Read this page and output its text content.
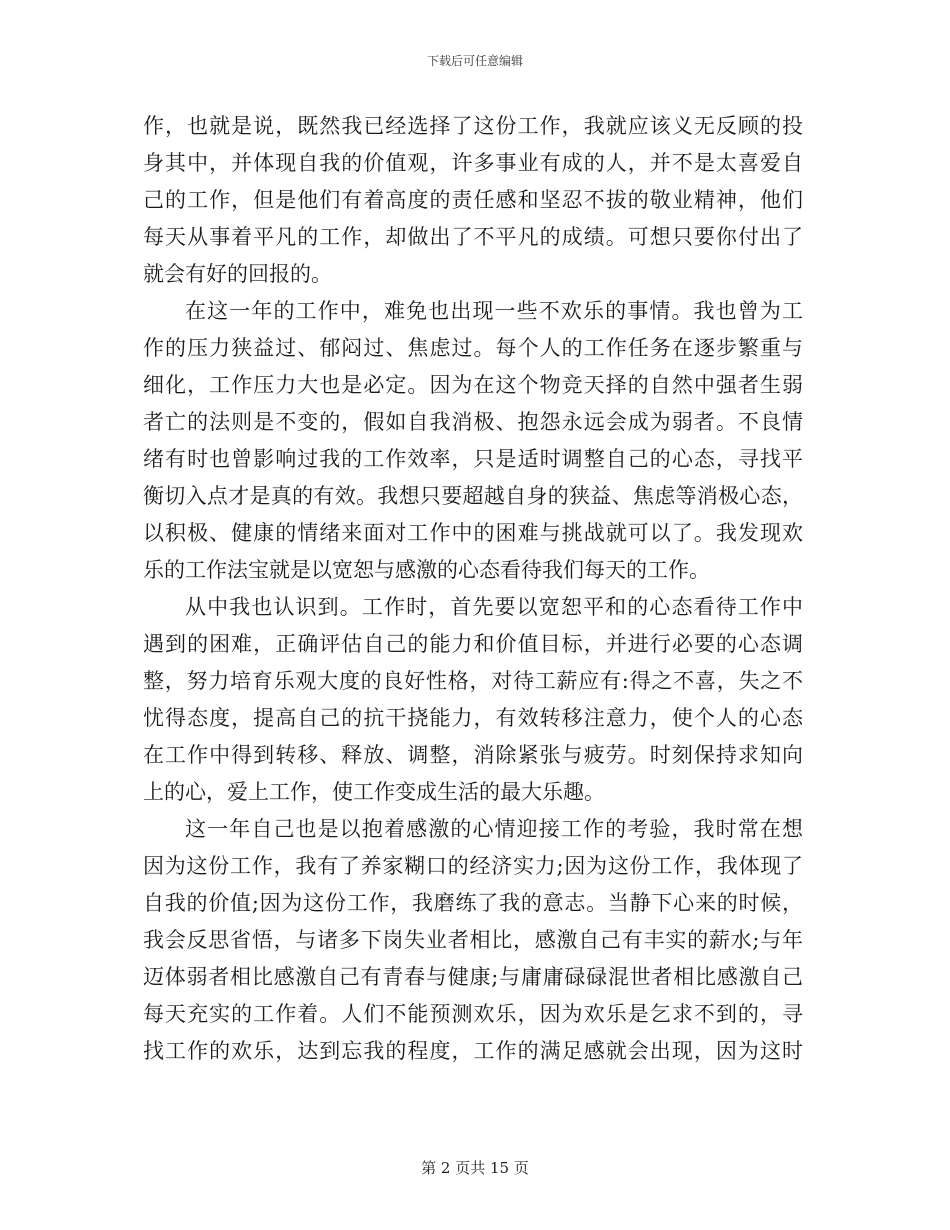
下载后可任意编辑
作，也就是说，既然我已经选择了这份工作，我就应该义无反顾的投
身其中，并体现自我的价值观，许多事业有成的人，并不是太喜爱自
己的工作，但是他们有着高度的责任感和坚忍不拔的敬业精神，他们
每天从事着平凡的工作，却做出了不平凡的成绩。可想只要你付出了
就会有好的回报的。
在这一年的工作中，难免也出现一些不欢乐的事情。我也曾为工
作的压力狭益过、郁闷过、焦虑过。每个人的工作任务在逐步繁重与
细化，工作压力大也是必定。因为在这个物竞天择的自然中强者生弱
者亡的法则是不变的，假如自我消极、抱怨永远会成为弱者。不良情
绪有时也曾影响过我的工作效率，只是适时调整自己的心态，寻找平
衡切入点才是真的有效。我想只要超越自身的狭益、焦虑等消极心态，
以积极、健康的情绪来面对工作中的困难与挑战就可以了。我发现欢
乐的工作法宝就是以宽恕与感激的心态看待我们每天的工作。
从中我也认识到。工作时，首先要以宽恕平和的心态看待工作中
遇到的困难，正确评估自己的能力和价值目标，并进行必要的心态调
整，努力培育乐观大度的良好性格，对待工薪应有:得之不喜，失之不
忧得态度，提高自己的抗干挠能力，有效转移注意力，使个人的心态
在工作中得到转移、释放、调整，消除紧张与疲劳。时刻保持求知向
上的心，爱上工作，使工作变成生活的最大乐趣。
这一年自己也是以抱着感激的心情迎接工作的考验，我时常在想
因为这份工作，我有了养家糊口的经济实力;因为这份工作，我体现了
自我的价值;因为这份工作，我磨练了我的意志。当静下心来的时候，
我会反思省悟，与诸多下岗失业者相比，感激自己有丰实的薪水;与年
迈体弱者相比感激自己有青春与健康;与庸庸碌碌混世者相比感激自己
每天充实的工作着。人们不能预测欢乐，因为欢乐是乞求不到的，寻
找工作的欢乐，达到忘我的程度，工作的满足感就会出现，因为这时
第 2 页共 15 页
